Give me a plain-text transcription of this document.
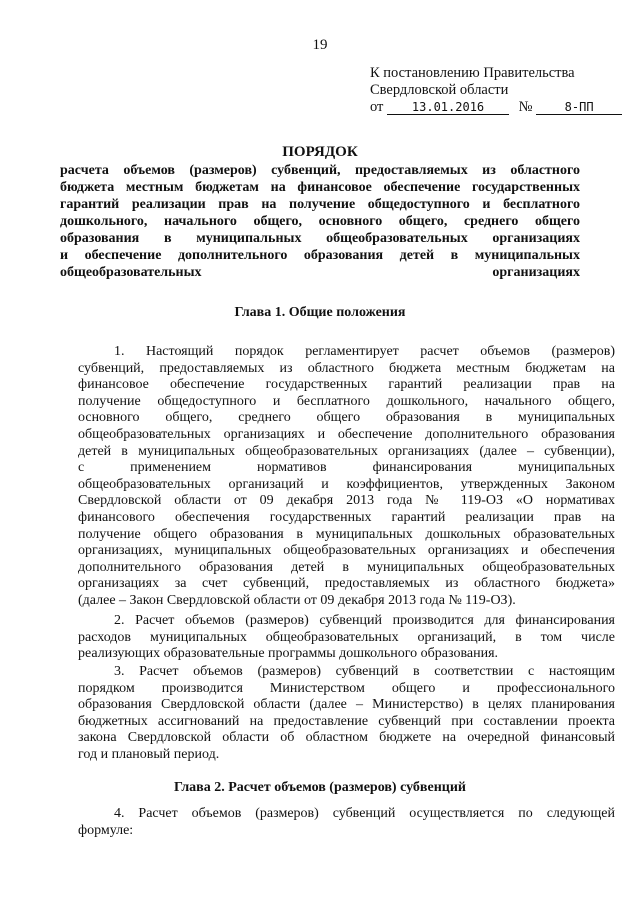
19
К постановлению Правительства
Свердловской области
от 13.01.2016 №	8-ПП
ПОРЯДОК
расчета объемов (размеров) субвенций, предоставляемых из областного
бюджета местным бюджетам на финансовое обеспечение государственных
гарантий реализации прав на получение общедоступного и бесплатного
дошкольного, начального общего, основного общего, среднего общего
образования в муниципальных общеобразовательных организациях
и обеспечение дополнительного образования детей в муниципальных
общеобразовательных организациях
Глава 1. Общие положения
1. Настоящий порядок регламентирует расчет объемов (размеров)
субвенций, предоставляемых из областного бюджета местным бюджетам на
финансовое обеспечение государственных гарантий реализации прав на
получение общедоступного и бесплатного дошкольного, начального общего,
основного общего, среднего общего образования в муниципальных
общеобразовательных организациях и обеспечение дополнительного образования
детей в муниципальных общеобразовательных организациях (далее – субвенции),
с применением нормативов финансирования муниципальных
общеобразовательных организаций и коэффициентов, утвержденных Законом
Свердловской области от 09 декабря 2013 года № 119-ОЗ «О нормативах
финансового обеспечения государственных гарантий реализации прав на
получение общего образования в муниципальных дошкольных образовательных
организациях, муниципальных общеобразовательных организациях и обеспечения
дополнительного образования детей в муниципальных общеобразовательных
организациях за счет субвенций, предоставляемых из областного бюджета»
(далее – Закон Свердловской области от 09 декабря 2013 года № 119-ОЗ).
2. Расчет объемов (размеров) субвенций производится для финансирования
расходов муниципальных общеобразовательных организаций, в том числе
реализующих образовательные программы дошкольного образования.
3. Расчет объемов (размеров) субвенций в соответствии с настоящим
порядком производится Министерством общего и профессионального
образования Свердловской области (далее – Министерство) в целях планирования
бюджетных ассигнований на предоставление субвенций при составлении проекта
закона Свердловской области об областном бюджете на очередной финансовый
год и плановый период.
Глава 2. Расчет объемов (размеров) субвенций
4. Расчет объемов (размеров) субвенций осуществляется по следующей
формуле:
